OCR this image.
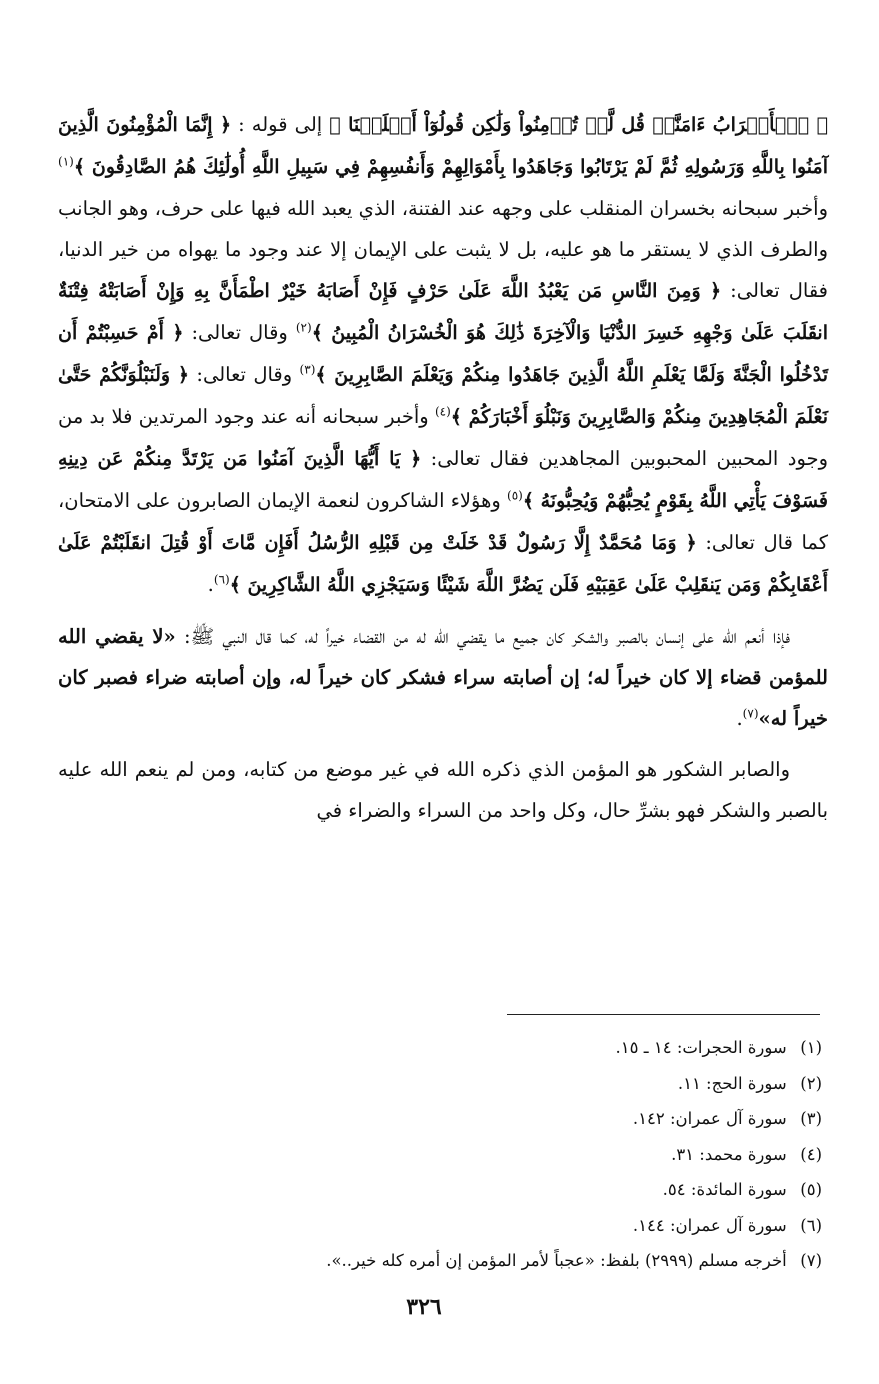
﴿ ٱلۡأَعۡرَابُ ءَامَنَّاۖ قُل لَّمۡ تُؤۡمِنُواْ وَلَٰكِن قُولُوٓاْ أَسۡلَمۡنَا ﴾ إلى قوله : ﴿ إِنَّمَا الْمُؤْمِنُونَ الَّذِينَ آمَنُوا بِاللَّهِ وَرَسُولِهِ ثُمَّ لَمْ يَرْتَابُوا وَجَاهَدُوا بِأَمْوَالِهِمْ وَأَنفُسِهِمْ فِي سَبِيلِ اللَّهِ أُولَٰئِكَ هُمُ الصَّادِقُونَ ﴾$^{(١)}$ وأخبر سبحانه بخسران المنقلب على وجهه عند الفتنة، الذي يعبد الله فيها على حرف، وهو الجانب والطرف الذي لا يستقر ما هو عليه، بل لا يثبت على الإيمان إلا عند وجود ما يهواه من خير الدنيا، فقال تعالى: ﴿ وَمِنَ النَّاسِ مَن يَعْبُدُ اللَّهَ عَلَىٰ حَرْفٍ فَإِنْ أَصَابَهُ خَيْرٌ اطْمَأَنَّ بِهِ وَإِنْ أَصَابَتْهُ فِتْنَةٌ انقَلَبَ عَلَىٰ وَجْهِهِ خَسِرَ الدُّنْيَا وَالْآخِرَةَ ذَٰلِكَ هُوَ الْخُسْرَانُ الْمُبِينُ ﴾$^{(٢)}$ وقال تعالى: ﴿ أَمْ حَسِبْتُمْ أَن تَدْخُلُوا الْجَنَّةَ وَلَمَّا يَعْلَمِ اللَّهُ الَّذِينَ جَاهَدُوا مِنكُمْ وَيَعْلَمَ الصَّابِرِينَ ﴾$^{(٣)}$ وقال تعالى: ﴿ وَلَنَبْلُوَنَّكُمْ حَتَّىٰ نَعْلَمَ الْمُجَاهِدِينَ مِنكُمْ وَالصَّابِرِينَ وَنَبْلُوَ أَخْبَارَكُمْ ﴾$^{(٤)}$ وأخبر سبحانه أنه عند وجود المرتدين فلا بد من وجود المحبين المحبوبين المجاهدين فقال تعالى: ﴿ يَا أَيُّهَا الَّذِينَ آمَنُوا مَن يَرْتَدَّ مِنكُمْ عَن دِينِهِ فَسَوْفَ يَأْتِي اللَّهُ بِقَوْمٍ يُحِبُّهُمْ وَيُحِبُّونَهُ ﴾$^{(٥)}$ وهؤلاء الشاكرون لنعمة الإيمان الصابرون على الامتحان، كما قال تعالى: ﴿ وَمَا مُحَمَّدٌ إِلَّا رَسُولٌ قَدْ خَلَتْ مِن قَبْلِهِ الرُّسُلُ أَفَإِن مَّاتَ أَوْ قُتِلَ انقَلَبْتُمْ عَلَىٰ أَعْقَابِكُمْ وَمَن يَنقَلِبْ عَلَىٰ عَقِبَيْهِ فَلَن يَضُرَّ اللَّهَ شَيْئًا وَسَيَجْزِي اللَّهُ الشَّاكِرِينَ ﴾$^{(٦)}$.

فإذا أنعم الله على إنسان بالصبر والشكر كان جميع ما يقضي الله له من القضاء خيراً له، كما قال النبي ﷺ: «لا يقضي الله للمؤمن قضاء إلا كان خيراً له؛ إن أصابته سراء فشكر كان خيراً له، وإن أصابته ضراء فصبر كان خيراً له»$^{(٧)}$.

والصابر الشكور هو المؤمن الذي ذكره الله في غير موضع من كتابه، ومن لم ينعم الله عليه بالصبر والشكر فهو بشرِّ حال، وكل واحد من السراء والضراء في

(١) سورة الحجرات: ١٤ ـ ١٥.

(٢) سورة الحج: ١١.

(٣) سورة آل عمران: ١٤٢.

(٤) سورة محمد: ٣١.

(٥) سورة المائدة: ٥٤.

(٦) سورة آل عمران: ١٤٤.

(٧) أخرجه مسلم (٢٩٩٩) بلفظ: «عجباً لأمر المؤمن إن أمره كله خير..».

٣٢٦
